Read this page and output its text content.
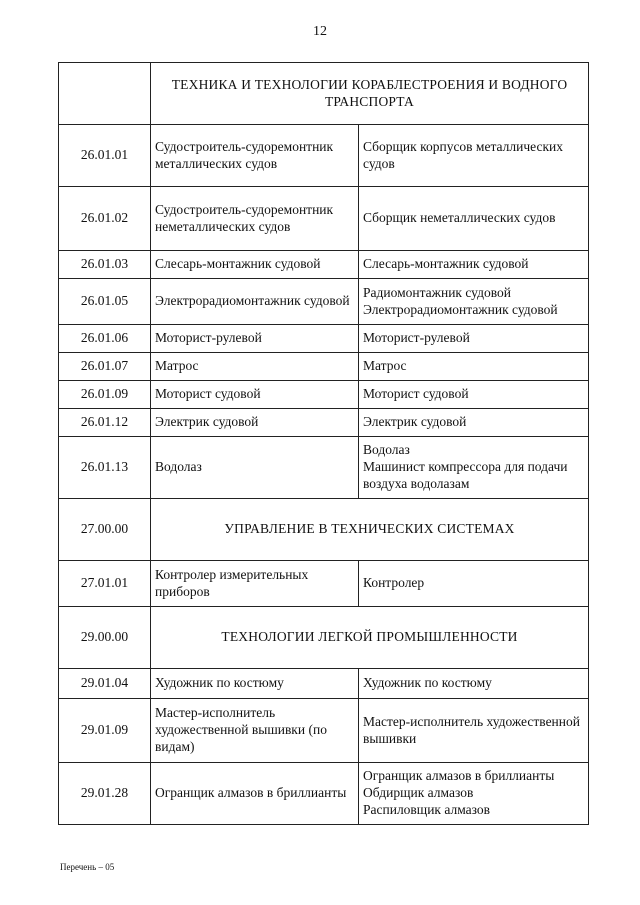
12
	ТЕХНИКА И ТЕХНОЛОГИИ КОРАБЛЕСТРОЕНИЯ И ВОДНОГО ТРАНСПОРТА	
26.01.01	Судостроитель-судоремонтник металлических судов	Сборщик корпусов металлических судов

26.01.02	Судостроитель-судоремонтник неметаллических судов	Сборщик неметаллических судов

26.01.03	Слесарь-монтажник судовой	Слесарь-монтажник судовой

26.01.05	Электрорадиомонтажник судовой	Радиомонтажник судовой
Электрорадиомонтажник судовой

26.01.06	Моторист-рулевой	Моторист-рулевой

26.01.07	Матрос	Матрос

26.01.09	Моторист судовой	Моторист судовой

26.01.12	Электрик судовой	Электрик судовой

26.01.13	Водолаз	Водолаз
Машинист компрессора для подачи воздуха водолазам

27.00.00	УПРАВЛЕНИЕ В ТЕХНИЧЕСКИХ СИСТЕМАХ	
27.01.01	Контролер измерительных приборов	Контролер

29.00.00	ТЕХНОЛОГИИ ЛЕГКОЙ ПРОМЫШЛЕННОСТИ	
29.01.04	Художник по костюму	Художник по костюму

29.01.09	Мастер-исполнитель художественной вышивки (по видам)	Мастер-исполнитель художественной вышивки

29.01.28	Огранщик алмазов в бриллианты	Огранщик алмазов в бриллианты
Обдирщик алмазов
Распиловщик алмазов
Перечень – 05
